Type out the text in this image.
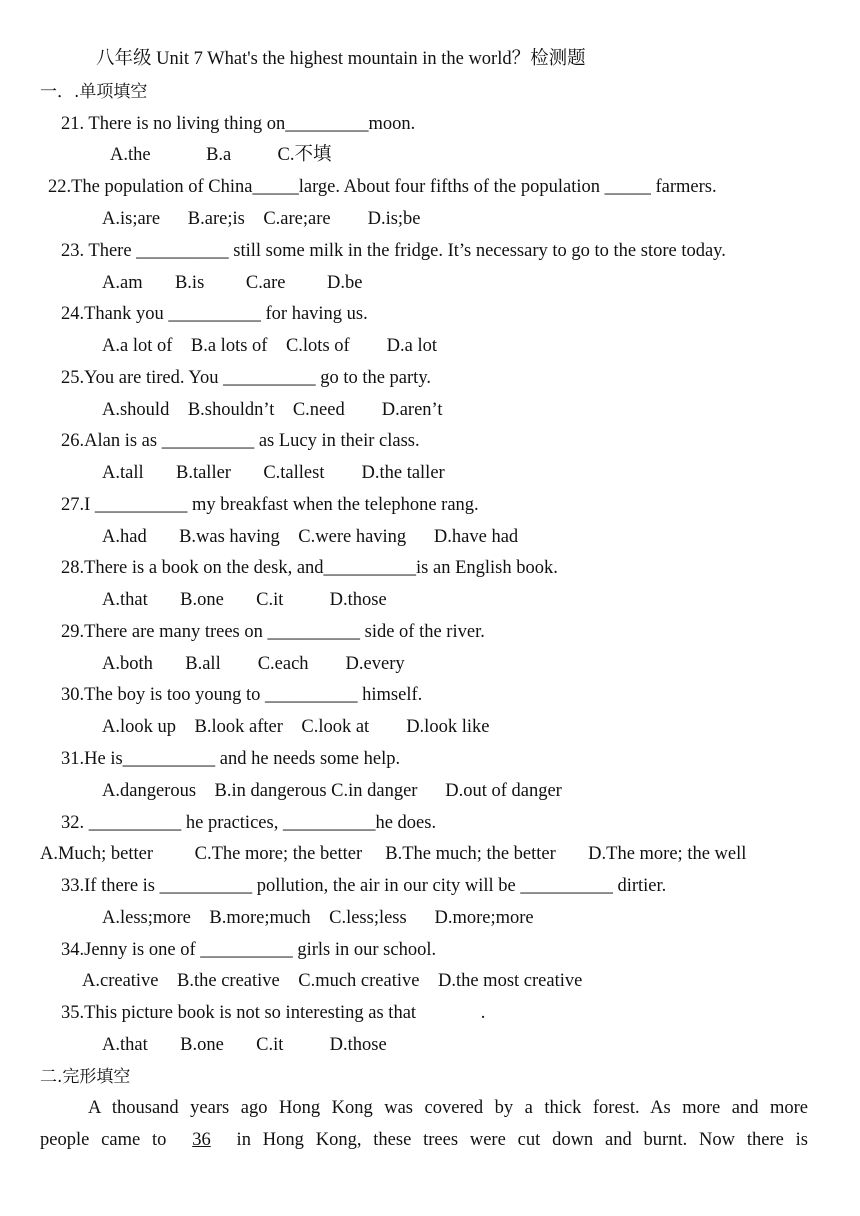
八年级 Unit 7 What's the highest mountain in the world？检测题
一．.单项填空
21. There is no living thing on_________moon.
A.the            B.a          C.不填
22.The population of China_____large. About four fifths of the population _____ farmers.
A.is;are      B.are;is    C.are;are        D.is;be
23. There __________ still some milk in the fridge. It’s necessary to go to the store today.
A.am       B.is         C.are         D.be
24.Thank you __________ for having us.
A.a lot of    B.a lots of    C.lots of        D.a lot
25.You are tired. You __________ go to the party.
A.should    B.shouldn’t    C.need        D.aren’t
26.Alan is as __________ as Lucy in their class.
A.tall       B.taller       C.tallest        D.the taller
27.I __________ my breakfast when the telephone rang.
A.had       B.was having    C.were having      D.have had
28.There is a book on the desk, and__________is an English book.
A.that       B.one       C.it          D.those
29.There are many trees on __________ side of the river.
A.both       B.all        C.each        D.every
30.The boy is too young to __________ himself.
A.look up    B.look after    C.look at        D.look like
31.He is__________ and he needs some help.
A.dangerous    B.in dangerous C.in danger      D.out of danger
32. __________ he practices, __________he does.
A.Much; better         C.The more; the better     B.The much; the better       D.The more; the well
33.If there is __________ pollution, the air in our city will be __________ dirtier.
A.less;more    B.more;much    C.less;less      D.more;more
34.Jenny is one of __________ girls in our school.
A.creative    B.the creative    C.much creative    D.the most creative
35.This picture book is not so interesting as that              .
A.that       B.one       C.it          D.those
二.完形填空
A thousand years ago Hong Kong was covered by a thick forest. As more and more
people came to 36 in Hong Kong, these trees were cut down and burnt. Now there is
